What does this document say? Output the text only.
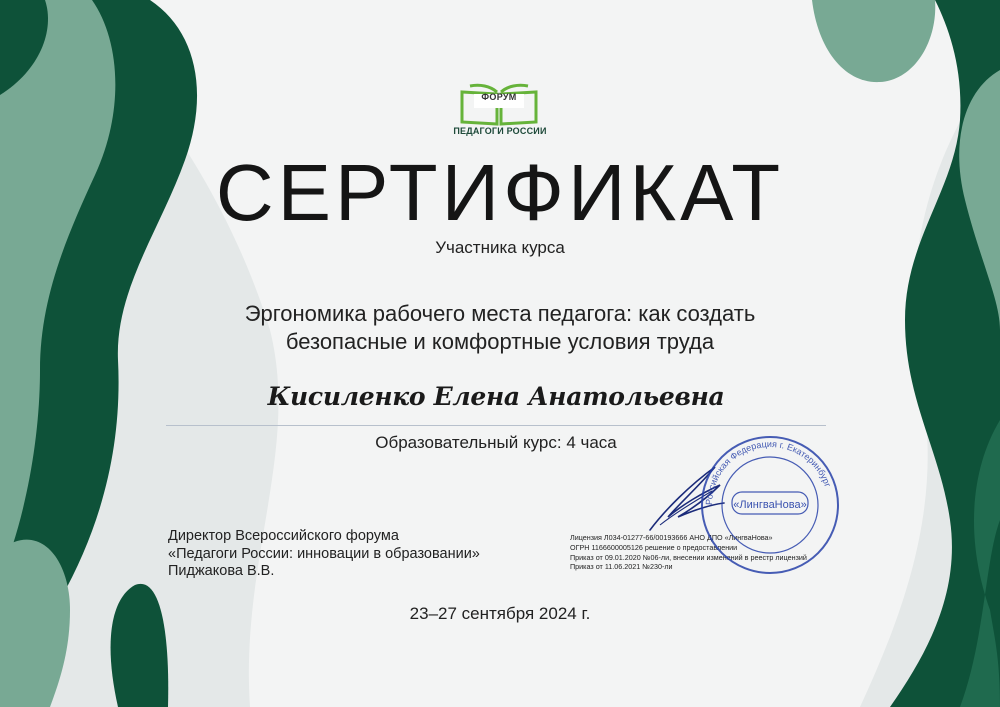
ФОРУМ
ПЕДАГОГИ РОССИИ
СЕРТИФИКАТ
Участника курса
Эргономика рабочего места педагога: как создать
безопасные и комфортные условия труда
Кисиленко Елена Анатольевна
Образовательный курс: 4 часа
Директор Всероссийского форума
«Педагоги России: инновации в образовании»
Пиджакова В.В.
Лицензия Л034-01277-66/00193666 АНО ДПО «ЛингваНова»
ОГРН 1166600005126 решение о предоставлении
Приказ от 09.01.2020 №06-ли, внесении изменений в реестр лицензий
Приказ от 11.06.2021 №230-ли
Российская Федерация г. Екатеринбург
«ЛингваНова»
23–27 сентября 2024 г.
